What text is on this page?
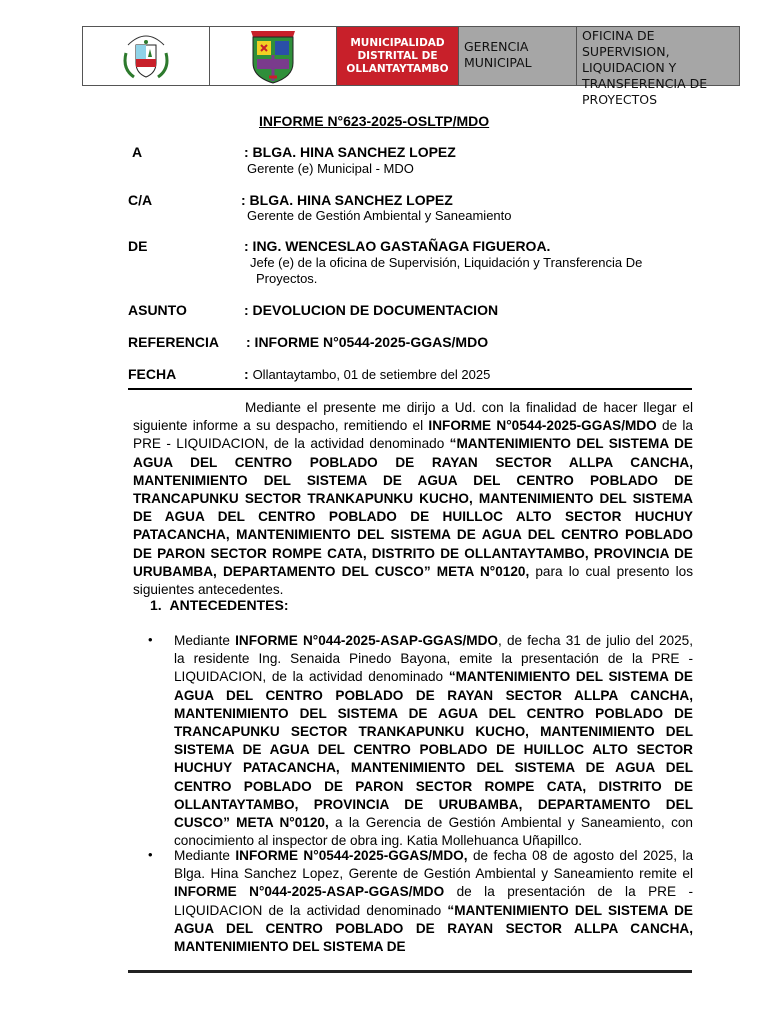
MUNICIPALIDAD DISTRITAL DE OLLANTAYTAMBO
GERENCIA MUNICIPAL
OFICINA DE SUPERVISION, LIQUIDACION Y TRANSFERENCIA DE PROYECTOS
INFORME N°623-2025-OSLTP/MDO
A	: BLGA. HINA SANCHEZ LOPEZ
Gerente (e) Municipal - MDO
C/A	: BLGA. HINA SANCHEZ LOPEZ
Gerente de Gestión Ambiental y Saneamiento
DE	: ING. WENCESLAO GASTAÑAGA FIGUEROA.
Jefe (e) de la oficina de Supervisión, Liquidación y Transferencia De
Proyectos.
ASUNTO	: DEVOLUCION DE DOCUMENTACION
REFERENCIA : INFORME N°0544-2025-GGAS/MDO
FECHA	: Ollantaytambo, 01 de setiembre del 2025
Mediante el presente me dirijo a Ud. con la finalidad de hacer llegar el siguiente informe a su despacho, remitiendo el INFORME N°0544-2025-GGAS/MDO de la PRE - LIQUIDACION, de la actividad denominado “MANTENIMIENTO DEL SISTEMA DE AGUA DEL CENTRO POBLADO DE RAYAN SECTOR ALLPA CANCHA, MANTENIMIENTO DEL SISTEMA DE AGUA DEL CENTRO POBLADO DE TRANCAPUNKU SECTOR TRANKAPUNKU KUCHO, MANTENIMIENTO DEL SISTEMA DE AGUA DEL CENTRO POBLADO DE HUILLOC ALTO SECTOR HUCHUY PATACANCHA, MANTENIMIENTO DEL SISTEMA DE AGUA DEL CENTRO POBLADO DE PARON SECTOR ROMPE CATA, DISTRITO DE OLLANTAYTAMBO, PROVINCIA DE URUBAMBA, DEPARTAMENTO DEL CUSCO” META N°0120, para lo cual presento los siguientes antecedentes.
1. ANTECEDENTES:
• Mediante INFORME N°044-2025-ASAP-GGAS/MDO, de fecha 31 de julio del 2025, la residente Ing. Senaida Pinedo Bayona, emite la presentación de la PRE - LIQUIDACION, de la actividad denominado “MANTENIMIENTO DEL SISTEMA DE AGUA DEL CENTRO POBLADO DE RAYAN SECTOR ALLPA CANCHA, MANTENIMIENTO DEL SISTEMA DE AGUA DEL CENTRO POBLADO DE TRANCAPUNKU SECTOR TRANKAPUNKU KUCHO, MANTENIMIENTO DEL SISTEMA DE AGUA DEL CENTRO POBLADO DE HUILLOC ALTO SECTOR HUCHUY PATACANCHA, MANTENIMIENTO DEL SISTEMA DE AGUA DEL CENTRO POBLADO DE PARON SECTOR ROMPE CATA, DISTRITO DE OLLANTAYTAMBO, PROVINCIA DE URUBAMBA, DEPARTAMENTO DEL CUSCO” META N°0120, a la Gerencia de Gestión Ambiental y Saneamiento, con conocimiento al inspector de obra ing. Katia Mollehuanca Uñapillco.
• Mediante INFORME N°0544-2025-GGAS/MDO, de fecha 08 de agosto del 2025, la Blga. Hina Sanchez Lopez, Gerente de Gestión Ambiental y Saneamiento remite el INFORME N°044-2025-ASAP-GGAS/MDO de la presentación de la PRE - LIQUIDACION de la actividad denominado “MANTENIMIENTO DEL SISTEMA DE AGUA DEL CENTRO POBLADO DE RAYAN SECTOR ALLPA CANCHA, MANTENIMIENTO DEL SISTEMA DE
